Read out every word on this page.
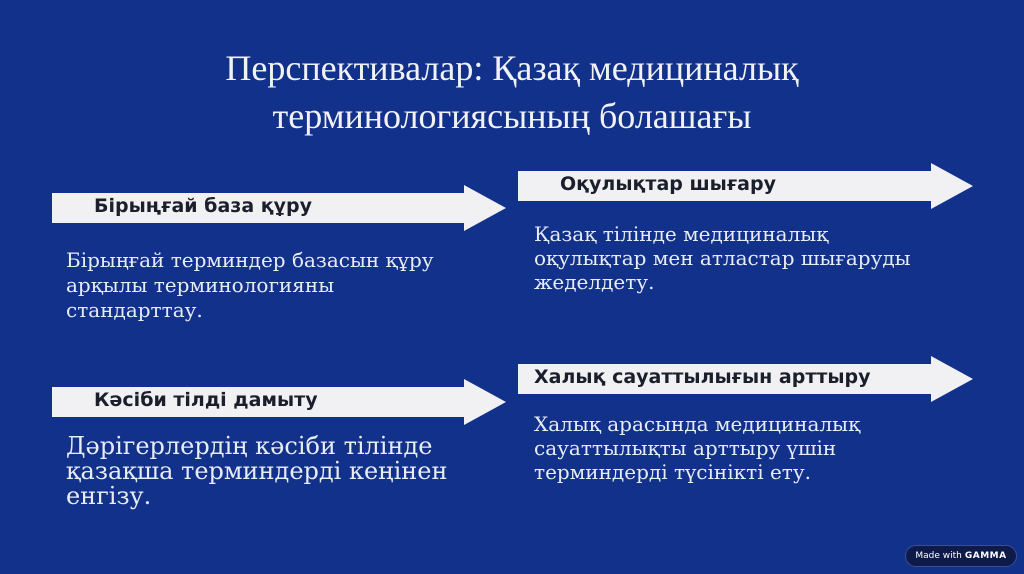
Перспективалар: Қазақ медициналық
терминологиясының болашағы
Бірыңғай база құру
Бірыңғай терминдер базасын құру
арқылы терминологияны
стандарттау.
Оқулықтар шығару
Қазақ тілінде медициналық
оқулықтар мен атластар шығаруды
жеделдету.
Кәсіби тілді дамыту
Дәрігерлердің кәсіби тілінде
қазақша терминдерді кеңінен
енгізу.
Халық сауаттылығын арттыру
Халық арасында медициналық
сауаттылықты арттыру үшін
терминдерді түсінікті ету.
Made with GAMMA
